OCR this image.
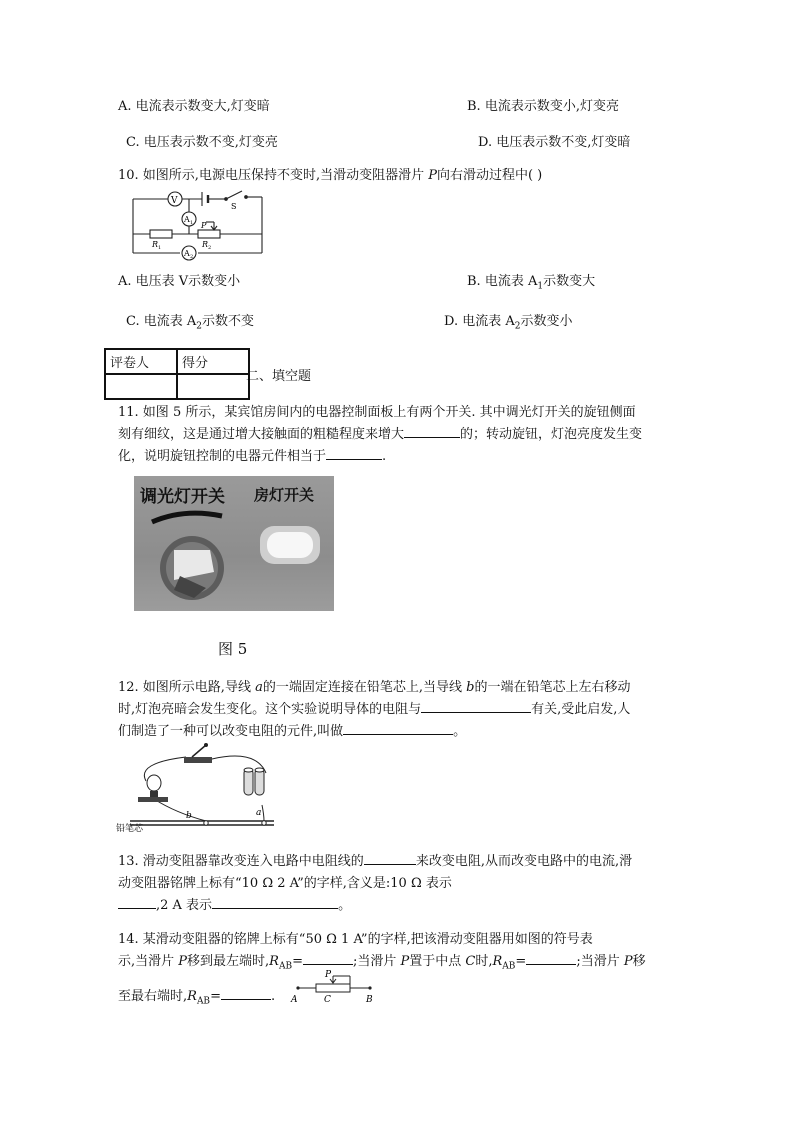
A. 电流表示数变大,灯变暗	B. 电流表示数变小,灯变亮
C. 电压表示数不变,灯变亮	D. 电压表示数不变,灯变暗
10. 如图所示,电源电压保持不变时,当滑动变阻器滑片 P向右滑动过程中( )
V
A 1
A 2
S
P
R 1	R 2
A. 电压表 V示数变小	B. 电流表 $A_1$示数变大
C. 电流表 $A_2$示数不变	D. 电流表 $A_2$示数变小
评卷人	得分

二、填空题
11. 如图 5 所示，某宾馆房间内的电器控制面板上有两个开关. 其中调光灯开关的旋钮侧面
刻有细纹，这是通过增大接触面的粗糙程度来增大	的；转动旋钮，灯泡亮度发生变
化，说明旋钮控制的电器元件相当于	.
调光灯开关 房灯开关
图 5
12. 如图所示电路,导线 a的一端固定连接在铅笔芯上,当导线 b的一端在铅笔芯上左右移动
时,灯泡亮暗会发生变化。这个实验说明导体的电阻与	有关,受此启发,人
们制造了一种可以改变电阻的元件,叫做	。
铅笔芯
a
b
13. 滑动变阻器靠改变连入电路中电阻线的	来改变电阻,从而改变电路中的电流,滑
动变阻器铭牌上标有“10 Ω 2 A”的字样,含义是:10 Ω 表示
,2 A 表示	。
14. 某滑动变阻器的铭牌上标有“50 Ω 1 A”的字样,把该滑动变阻器用如图的符号表
示,当滑片 P移到最左端时$,R_{AB}=$	;当滑片 P置于中点 C时$,R_{AB}=$	;当滑片 P移
至最右端时$,R_{AB}=$	. A	B
C
P
